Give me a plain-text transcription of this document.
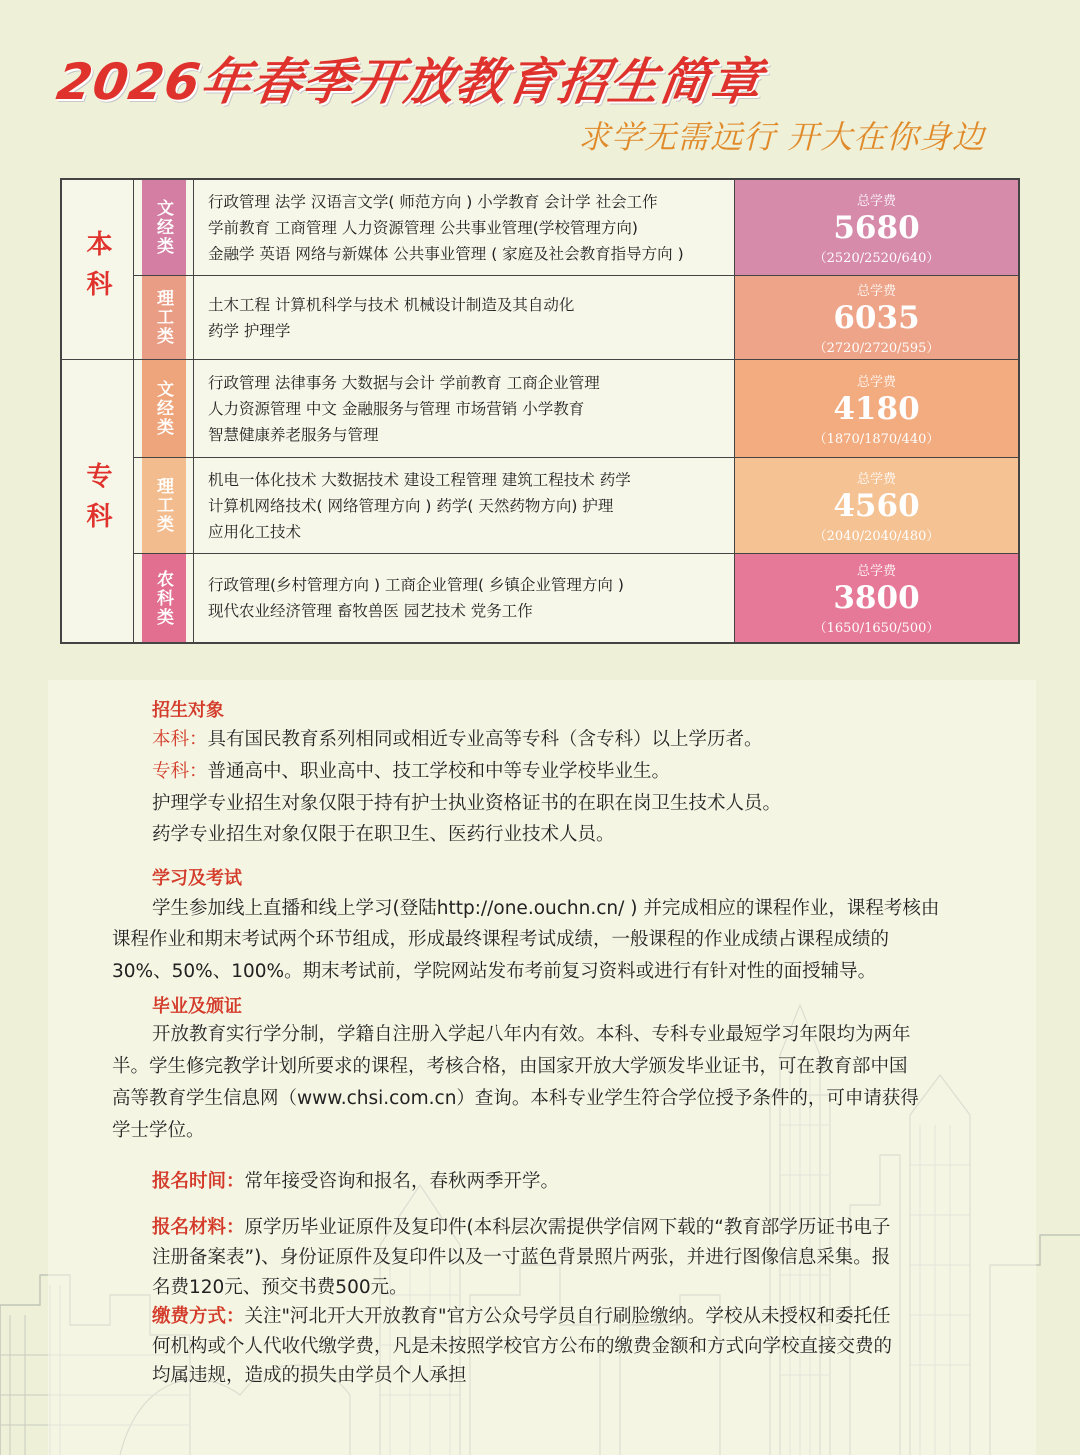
2026年春季开放教育招生简章
求学无需远行 开大在你身边
本科
专科
文经类 行政管理 法学 汉语言文学( 师范方向 ) 小学教育 会计学 社会工作
学前教育 工商管理 人力资源管理 公共事业管理(学校管理方向)
金融学 英语 网络与新媒体 公共事业管理 ( 家庭及社会教育指导方向 )
总学费
5680
（2520/2520/640）
理工类 土木工程 计算机科学与技术 机械设计制造及其自动化
药学 护理学
总学费
6035
（2720/2720/595）
文经类 行政管理 法律事务 大数据与会计 学前教育 工商企业管理
人力资源管理 中文 金融服务与管理 市场营销 小学教育
智慧健康养老服务与管理
总学费
4180
（1870/1870/440）
理工类 机电一体化技术 大数据技术 建设工程管理 建筑工程技术 药学
计算机网络技术( 网络管理方向 ) 药学( 天然药物方向) 护理
应用化工技术
总学费
4560
（2040/2040/480）
农科类 行政管理(乡村管理方向 ) 工商企业管理( 乡镇企业管理方向 )
现代农业经济管理 畜牧兽医 园艺技术 党务工作
总学费
3800
（1650/1650/500）
招生对象
本科：具有国民教育系列相同或相近专业高等专科（含专科）以上学历者。
专科：普通高中、职业高中、技工学校和中等专业学校毕业生。
护理学专业招生对象仅限于持有护士执业资格证书的在职在岗卫生技术人员。
药学专业招生对象仅限于在职卫生、医药行业技术人员。
学习及考试
学生参加线上直播和线上学习(登陆http://one.ouchn.cn/ ) 并完成相应的课程作业，课程考核由
课程作业和期末考试两个环节组成，形成最终课程考试成绩，一般课程的作业成绩占课程成绩的
30%、50%、100%。期末考试前，学院网站发布考前复习资料或进行有针对性的面授辅导。
毕业及颁证
开放教育实行学分制，学籍自注册入学起八年内有效。本科、专科专业最短学习年限均为两年
半。学生修完教学计划所要求的课程，考核合格，由国家开放大学颁发毕业证书，可在教育部中国
高等教育学生信息网（www.chsi.com.cn）查询。本科专业学生符合学位授予条件的，可申请获得
学士学位。
报名时间：常年接受咨询和报名，春秋两季开学。
报名材料：原学历毕业证原件及复印件(本科层次需提供学信网下载的“教育部学历证书电子
注册备案表”)、身份证原件及复印件以及一寸蓝色背景照片两张，并进行图像信息采集。报
名费120元、预交书费500元。
缴费方式：关注"河北开大开放教育"官方公众号学员自行刷脸缴纳。学校从未授权和委托任
何机构或个人代收代缴学费，凡是未按照学校官方公布的缴费金额和方式向学校直接交费的
均属违规，造成的损失由学员个人承担
